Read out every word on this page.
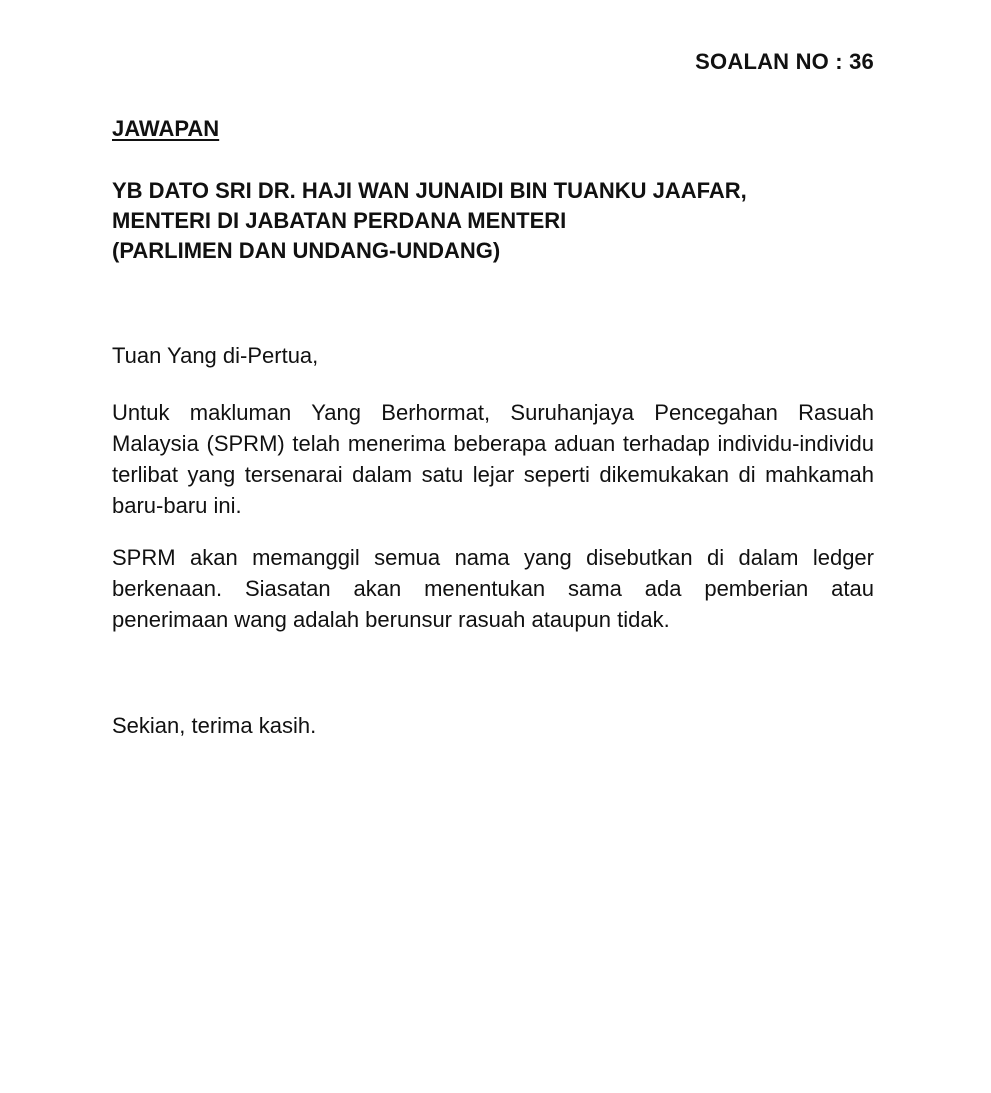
SOALAN NO : 36
JAWAPAN
YB DATO SRI DR. HAJI WAN JUNAIDI BIN TUANKU JAAFAR,
MENTERI DI JABATAN PERDANA MENTERI
(PARLIMEN DAN UNDANG-UNDANG)
Tuan Yang di-Pertua,
Untuk makluman Yang Berhormat, Suruhanjaya Pencegahan Rasuah Malaysia (SPRM) telah menerima beberapa aduan terhadap individu-individu terlibat yang tersenarai dalam satu lejar seperti dikemukakan di mahkamah baru-baru ini.
SPRM akan memanggil semua nama yang disebutkan di dalam ledger berkenaan. Siasatan akan menentukan sama ada pemberian atau penerimaan wang adalah berunsur rasuah ataupun tidak.
Sekian, terima kasih.
